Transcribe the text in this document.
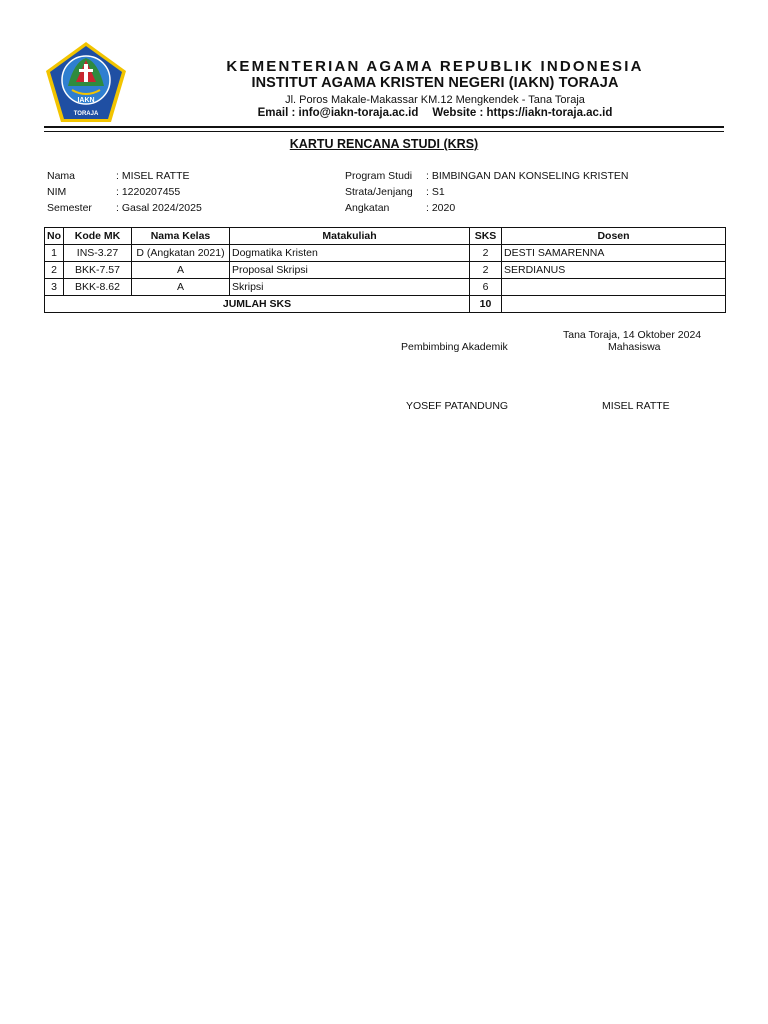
IAKN
TORAJA
KEMENTERIAN AGAMA REPUBLIK INDONESIA
INSTITUT AGAMA KRISTEN NEGERI (IAKN) TORAJA
Jl. Poros Makale-Makassar KM.12 Mengkendek - Tana Toraja
Email : info@iakn-toraja.ac.id Website : https://iakn-toraja.ac.id
KARTU RENCANA STUDI (KRS)
Nama	: MISEL RATTE
NIM	: 1220207455
Semester	: Gasal 2024/2025
Program Studi	: BIMBINGAN DAN KONSELING KRISTEN
Strata/Jenjang	: S1
Angkatan	: 2020
No	Kode MK	Nama Kelas	Matakuliah	SKS	Dosen
1	INS-3.27	D (Angkatan 2021)	Dogmatika Kristen	2	DESTI SAMARENNA
2	BKK-7.57	A	Proposal Skripsi	2	SERDIANUS
3	BKK-8.62	A	Skripsi	6	
JUMLAH SKS				10	
Tana Toraja, 14 Oktober 2024
Pembimbing Akademik	Mahasiswa
YOSEF PATANDUNG	MISEL RATTE
